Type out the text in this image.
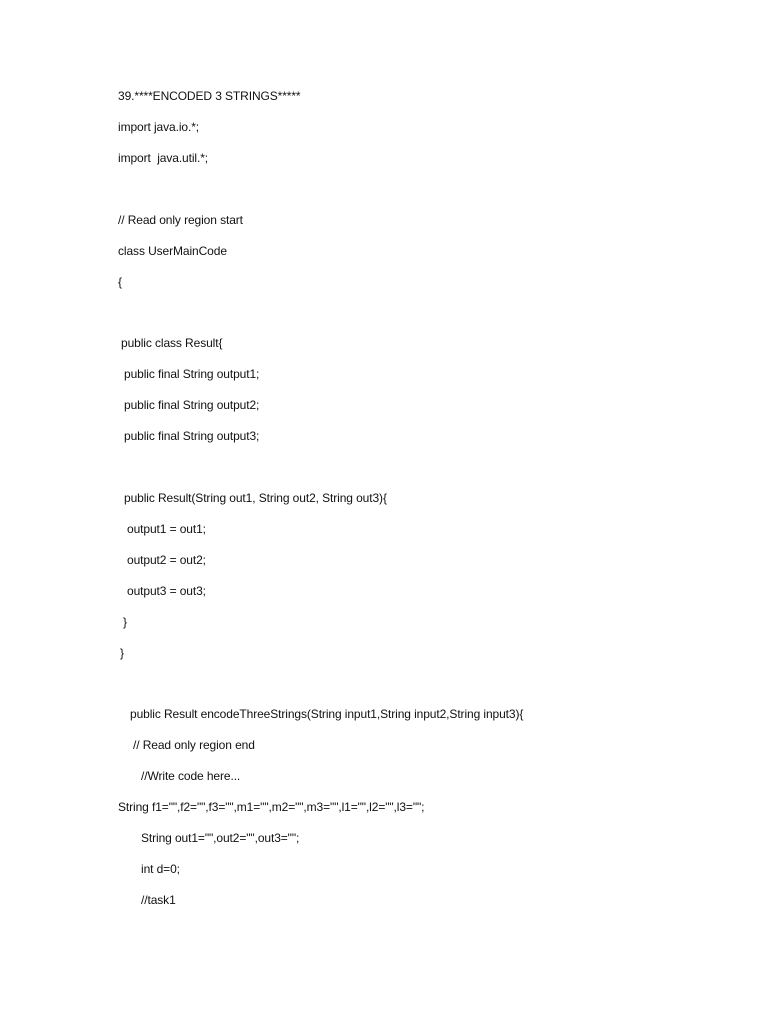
39.****ENCODED 3 STRINGS*****
import java.io.*;
import  java.util.*;
// Read only region start
class UserMainCode
{
public class Result{
public final String output1;
public final String output2;
public final String output3;
public Result(String out1, String out2, String out3){
output1 = out1;
output2 = out2;
output3 = out3;
}
}
public Result encodeThreeStrings(String input1,String input2,String input3){
// Read only region end
//Write code here...
String f1="",f2="",f3="",m1="",m2="",m3="",l1="",l2="",l3="";
String out1="",out2="",out3="";
int d=0;
//task1
